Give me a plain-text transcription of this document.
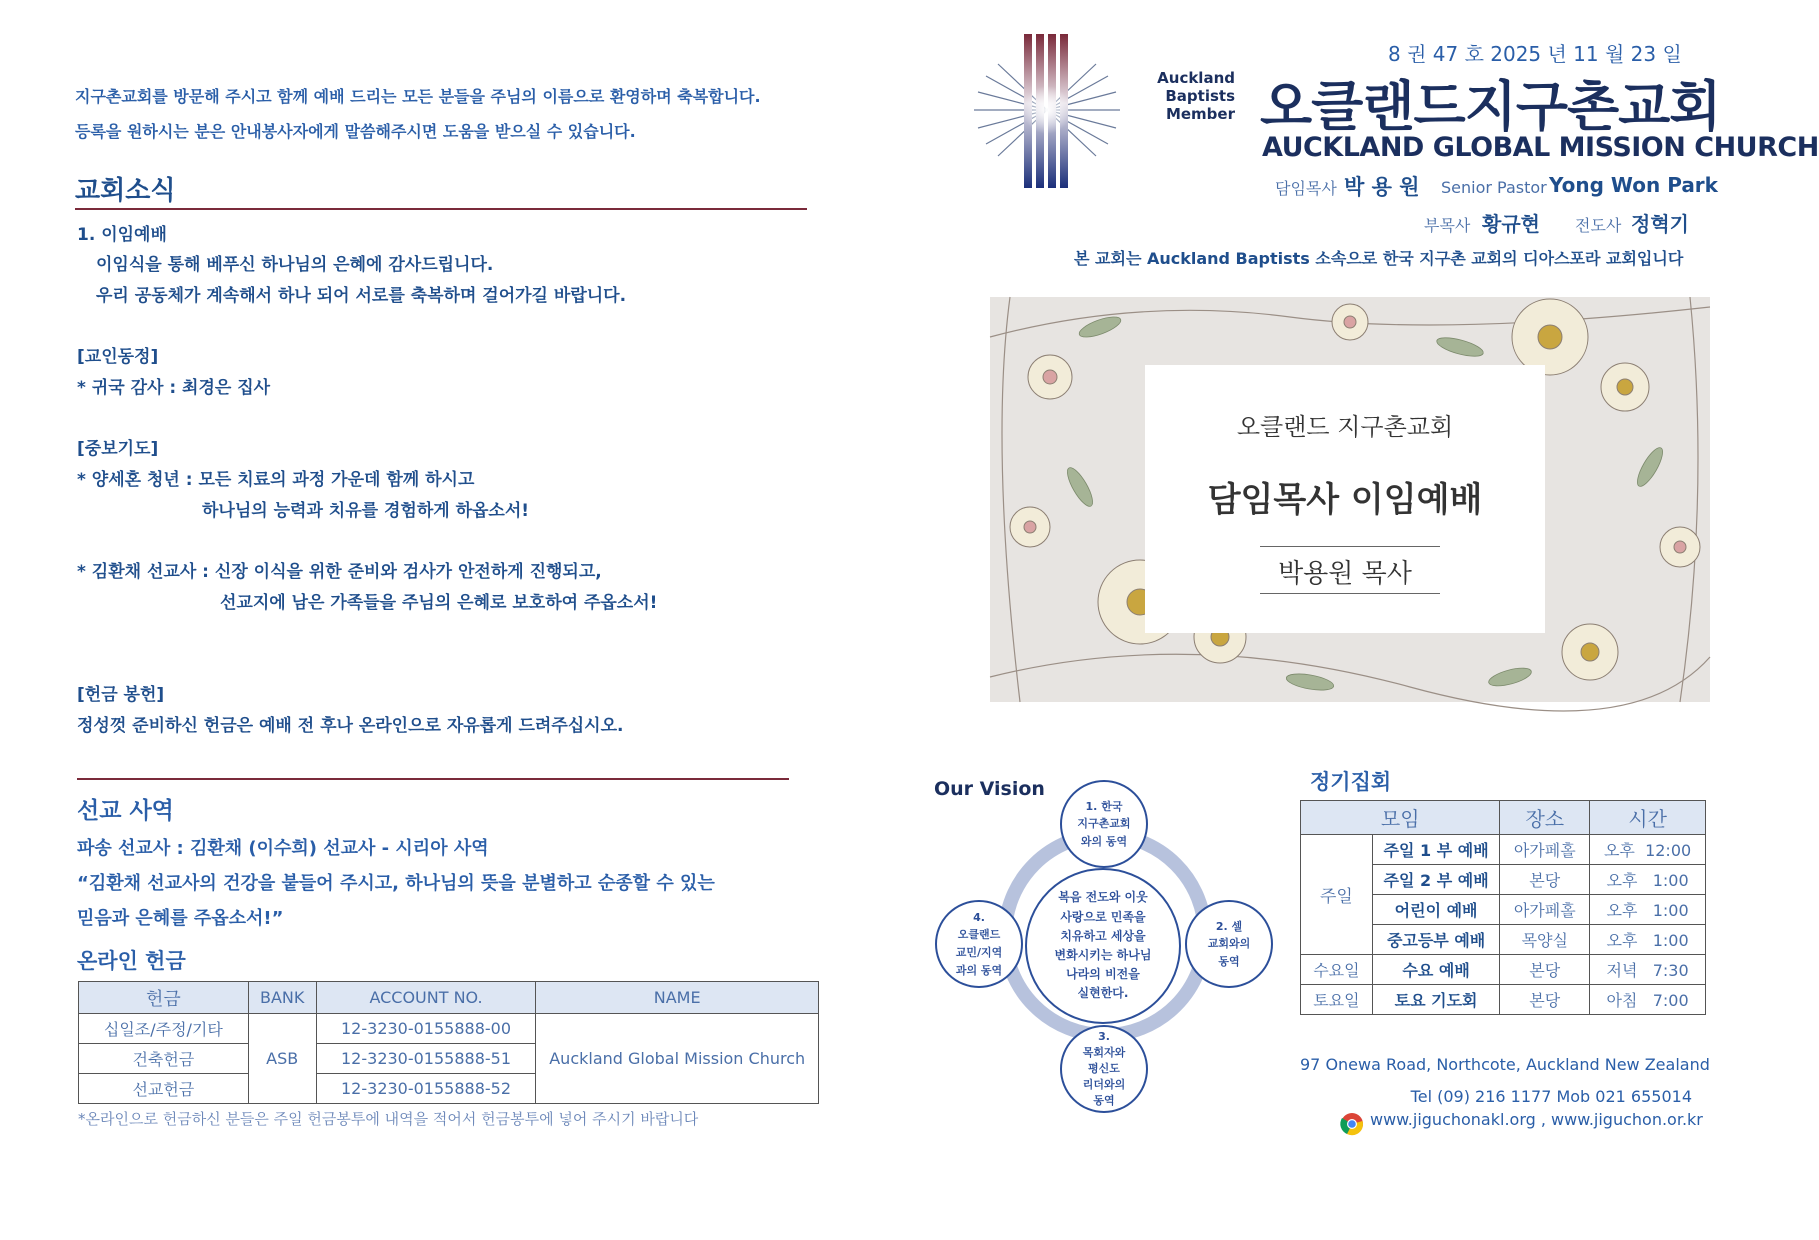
지구촌교회를 방문해 주시고 함께 예배 드리는 모든 분들을 주님의 이름으로 환영하며 축복합니다.
등록을 원하시는 분은 안내봉사자에게 말씀해주시면 도움을 받으실 수 있습니다.
교회소식
1. 이임예배
이임식을 통해 베푸신 하나님의 은혜에 감사드립니다.
우리 공동체가 계속해서 하나 되어 서로를 축복하며 걸어가길 바랍니다.
[교인동정]
* 귀국 감사 : 최경은 집사
[중보기도]
* 양세혼 청년 : 모든 치료의 과정 가운데 함께 하시고
하나님의 능력과 치유를 경험하게 하옵소서!
* 김환채 선교사 : 신장 이식을 위한 준비와 검사가 안전하게 진행되고,
선교지에 남은 가족들을 주님의 은혜로 보호하여 주옵소서!
[헌금 봉헌]
정성껏 준비하신 헌금은 예배 전 후나 온라인으로 자유롭게 드려주십시오.
선교 사역
파송 선교사 : 김환채 (이수희) 선교사 - 시리아 사역
“김환채 선교사의 건강을 붙들어 주시고, 하나님의 뜻을 분별하고 순종할 수 있는
믿음과 은혜를 주옵소서!”
온라인 헌금
헌금	BANK	ACCOUNT NO.	NAME
십일조/주정/기타	ASB	12-3230-0155888-00	Auckland Global Mission Church
건축헌금		12-3230-0155888-51	
선교헌금		12-3230-0155888-52	
*온라인으로 헌금하신 분들은 주일 헌금봉투에 내역을 적어서 헌금봉투에 넣어 주시기 바랍니다
Auckland
Baptists
Member
8 권 47 호 2025 년 11 월 23 일
오클랜드지구촌교회
AUCKLAND GLOBAL MISSION CHURCH
담임목사 박 용 원 Senior Pastor Yong Won Park
부목사 황규현 전도사 정혁기
본 교회는 Auckland Baptists 소속으로 한국 지구촌 교회의 디아스포라 교회입니다
오클랜드 지구촌교회
담임목사 이임예배
박용원 목사
Our Vision
복음 전도와 이웃
사랑으로 민족을
치유하고 세상을
변화시키는 하나님
나라의 비전을
실현한다.
1. 한국
지구촌교회
와의 동역
2. 셀
교회와의
동역
3.
목회자와
평신도
리더와의
동역
4.
오클랜드
교민/지역
과의 동역
정기집회
모임		장소	시간
주일	주일 1 부 예배	아가페홀	오후 12:00
	주일 2 부 예배	본당	오후 1:00
	어린이 예배	아가페홀	오후 1:00
	중고등부 예배	목양실	오후 1:00
수요일	수요 예배	본당	저녁 7:30
토요일	토요 기도회	본당	아침 7:00
97 Onewa Road, Northcote, Auckland New Zealand
Tel (09) 216 1177 Mob 021 655014
www.jiguchonakl.org , www.jiguchon.or.kr
